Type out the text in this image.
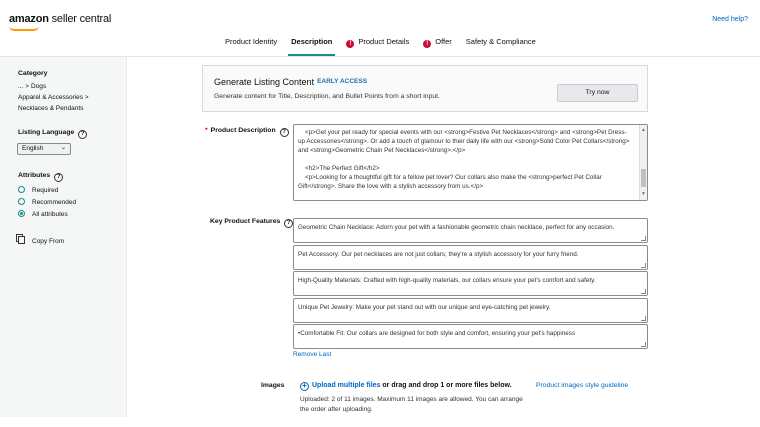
amazon seller central	Need help?
Product Identity	Description	! Product Details	! Offer	Safety & Compliance
Category
... > Dogs
Apparel & Accessories >
Necklaces & Pendants
Listing Language ?
English	⌄
Attributes ?
Required
Recommended
All attributes
Copy From
Generate Listing Content $^{EARLY ACCESS}$
Generate content for Title, Description, and Bullet Points from a short input.
Try now
* Product Description ?	<p>Get your pet ready for special events with our <strong>Festive Pet Necklaces</strong> and <strong>Pet Dress-up Accessories</strong>. Or add a touch of glamour to their daily life with our <strong>Solid Color Pet Collars</strong> and <strong>Geometric Chain Pet Necklaces</strong>.</p>

<h2>The Perfect Gift</h2>

<p>Looking for a thoughtful gift for a fellow pet lover? Our collars also make the <strong>perfect Pet Collar Gift</strong>. Share the love with a stylish accessory from us.</p>

▲
▼
Key Product Features ?
Geometric Chain Necklace: Adorn your pet with a fashionable geometric chain necklace, perfect for any occasion.
Pet Accessory: Our pet necklaces are not just collars; they're a stylish accessory for your furry friend.
High-Quality Materials: Crafted with high-quality materials, our collars ensure your pet's comfort and safety.
Unique Pet Jewelry: Make your pet stand out with our unique and eye-catching pet jewelry.
•Comfortable Fit: Our collars are designed for both style and comfort, ensuring your pet's happiness
Remove Last
Images + Upload multiple files or drag and drop 1 or more files below.	Product images style guideline
Uploaded: 2 of 11 images. Maximum 11 images are allowed. You can arrange the order after uploading.
